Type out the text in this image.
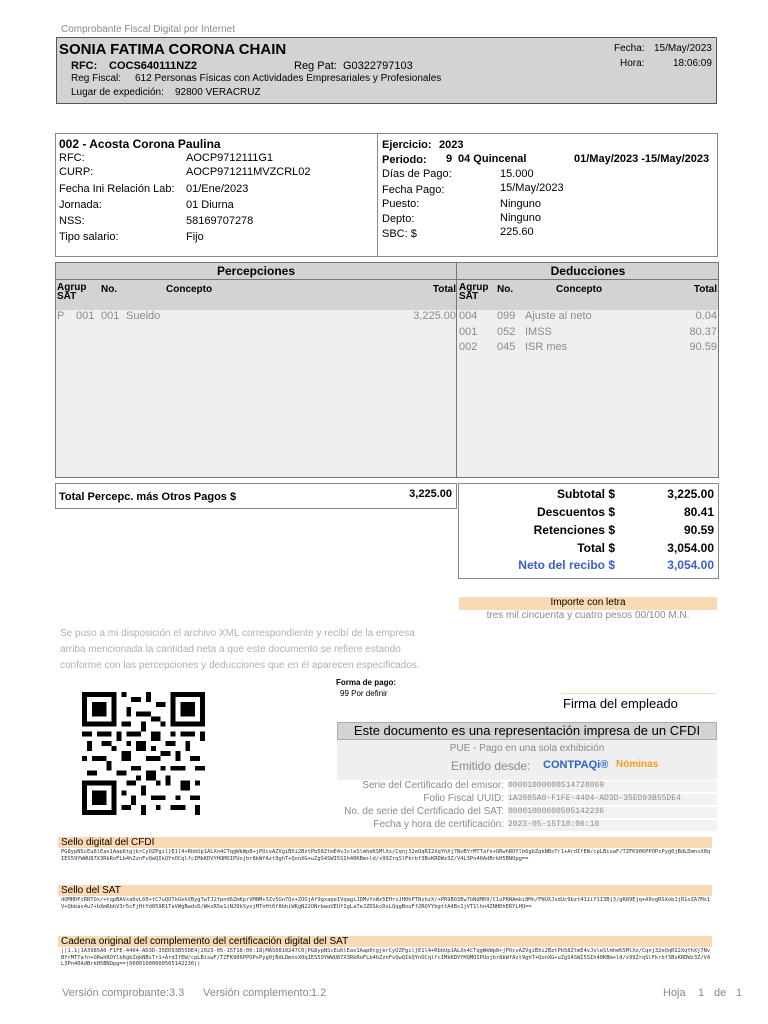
Comprobante Fiscal Digital por Internet
SONIA FATIMA CORONA CHAIN
RFC: COCS640111NZ2	Reg Pat: G0322797103
Reg Fiscal: 612 Personas Físicas con Actividades Empresariales y Profesionales
Lugar de expedición: 92800 VERACRUZ
Fecha: 15/May/2023
Hora:	18:06:09
002 - Acosta Corona Paulina
RFC:	AOCP9712111G1
CURP:	AOCP971211MVZCRL02
Fecha Ini Relación Lab: 01/Ene/2023
Jornada:	01 Diurna
NSS:	58169707278
Tipo salario:	Fijo
Ejercicio: 2023
Periodo: 9 04 Quincenal	01/May/2023 -15/May/2023
Días de Pago:	15.000
Fecha Pago:	15/May/2023
Puesto:	Ninguno
Depto:	Ninguno
SBC: $	225.60
Percepciones	Deducciones
Agrup SAT
No.	Concepto	Total Agrup SAT
No.	Concepto	Total
P 001 001 Sueldo	3,225.00 004 099 Ajuste al neto	0.04
001 052 IMSS	80.37
002 045 ISR mes	90.59
Total Percepc. más Otros Pagos $	3,225.00	Subtotal $	3,225.00
Descuentos $	80.41
Retenciones $	90.59
Total $	3,054.00
Neto del recibo $	3,054.00
Importe con letra
tres mil cincuenta y cuatro pesos 00/100 M.N.
Se puso a mi disposición el archivo XML correspondiente y recibí de la empresa arriba mencionada la cantidad neta a que este documento se refiere estando conforme con las percepciones y deducciones que en él aparecen especificados.
Forma de pago:
99 Por definir
Firma del empleado
Este documento es una representación impresa de un CFDI
PUE - Pago en una sola exhibición
Emitido desde: CONTPAQi® Nóminas
Serie del Certificado del emisor: 00001000000514728069
Folio Fiscal UUID: 1A3985A0-F1FE-4404-AD3D-35ED93B55DE4
No. de serie del Certificado del SAT: 00001000000505142236
Fecha y hora de certificación: 2023-05-15T18:06:18
Sello digital del CFDI
PG8ypNScEu6lEax1Aap6tgjkrCyOZPgil}E1l4+RbbUp1ALXn4CTqgWkWp8+jPOcvAZVgiBXi2BztPb58ZtmE4vJxleSlmheKSMlXx/Cqnj32eQqRI2XqYhXj7NvBYrMTTafn+ORwhROYlb6gbZqkNBsTr1+ArdIfEW/cpLBiswF/TZFK906PPOPsPyg0jBdLDmnsX0qIES59YWWU87X3RkRoFLb4hZznFvQwQIkQYnOCqlfcIMkKDVYHQMOIPUojbr8kWfAzt9ghT+QonXG+uZgS4SWI5SIh40KBm+ld/x99ZrqSlFkrbf3BsKRDWz3Z/V4L3Pn40AdBrkH5BNOpg==
Sello del SAT
dOMHDPiRRTOx/+tqpBAVxa0vL60+tC7uQOTkGkhVBygTwTJ2fpnd6ZmKprVMNM+3Zv5Gn7Qx+ZOOjAf9gxapeIVqagiJDMvYxWz5EHrsJH0hPTNshzX/+PR9B03Ew7bNdM09/C1uPRWAmki8Mn/FNUXJsdUc9bzt411iY1I3Bj3/gR89Ejq+A9vgRSXob1jR1oZA7Mx1V+Qbbas4u7+bXmRbbV3r5cFjHtYd059R1TaVWgBwdcD/WkxR5e1iNJ9kSyxjMTnHt6f8bhiWKgN22ONrbwoUEUfIgLaTeJZDSkcDsLQqgBouFf2ROYYbgttA4Bs1jVT1lhn4ZNHDhERYLHQ==
Cadena original del complemento del certificación digital del SAT
||1.1|1A3985A0-F1FE-4404-AD3D-35ED93B55DE4|2023-05-15T18:06:18|MAS0810247C0|PG8ypNScEu6lEax1Aap6tgjkrCyOZPgil}E1l4+RbbUp1ALXn4CTqgWkWp8+jPOcvAZVgiBXi2BztPb58ZtmE4vJxleSlmheKSMlXx/Cqnj32eQqRI2XqYhXj7NvBYrMTTafn+ORwhROYlb6gbZqkNBsTr1+ArdIfEW/cpLBiswF/TZFK906PPOPsPyg0jBdLDmnsX0qIES59YWWU87X3RkRoFLb4hZznFvQwQIkQYnOCqlfcIMkKDVYHQMOIPUojbr8kWfAzt9ghT+QonXG+uZgS4SWI5SIh40KBm+ld/x99ZrqSlFkrbf3BsKRDWz3Z/V4L3Pn40AdBrkH5BNOpg==|00001000000505142236||
Versión comprobante: 3.3 Versión complemento: 1.2	Hoja 1 de 1
